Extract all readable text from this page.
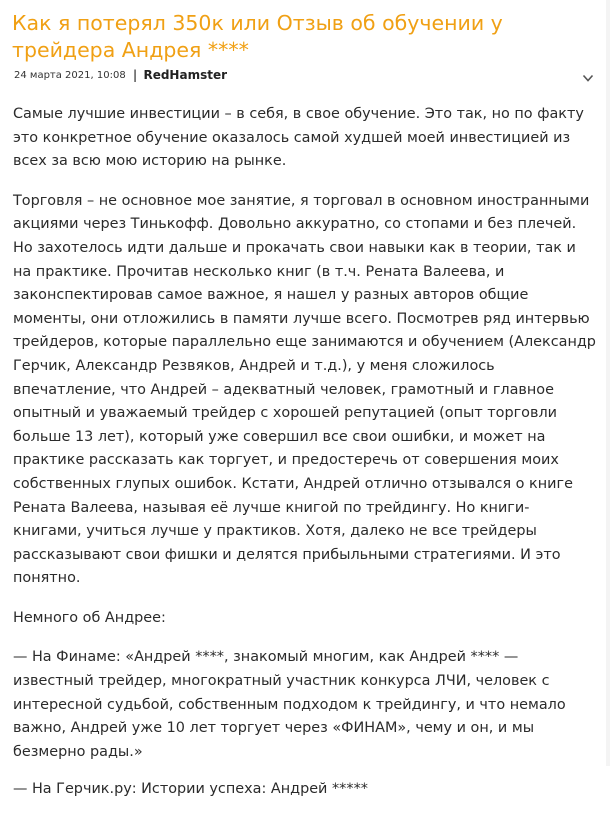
Как я потерял 350к или Отзыв об обучении у трейдера Андрея ****
24 марта 2021, 10:08 | RedHamster

Самые лучшие инвестиции – в себя, в свое обучение. Это так, но по факту это конкретное обучение оказалось самой худшей моей инвестицией из всех за всю мою историю на рынке.

Торговля – не основное мое занятие, я торговал в основном иностранными акциями через Тинькофф. Довольно аккуратно, со стопами и без плечей. Но захотелось идти дальше и прокачать свои навыки как в теории, так и на практике. Прочитав несколько книг (в т.ч. Рената Валеева, и законспектировав самое важное, я нашел у разных авторов общие моменты, они отложились в памяти лучше всего. Посмотрев ряд интервью трейдеров, которые параллельно еще занимаются и обучением (Александр Герчик, Александр Резвяков, Андрей и т.д.), у меня сложилось впечатление, что Андрей – адекватный человек, грамотный и главное опытный и уважаемый трейдер с хорошей репутацией (опыт торговли больше 13 лет), который уже совершил все свои ошибки, и может на практике рассказать как торгует, и предостеречь от совершения моих собственных глупых ошибок. Кстати, Андрей отлично отзывался о книге Рената Валеева, называя её лучше книгой по трейдингу. Но книги-книгами, учиться лучше у практиков. Хотя, далеко не все трейдеры рассказывают свои фишки и делятся прибыльными стратегиями. И это понятно.

Немного об Андрее:

— На Финаме: «Андрей ****, знакомый многим, как Андрей **** — известный трейдер, многократный участник конкурса ЛЧИ, человек с интересной судьбой, собственным подходом к трейдингу, и что немало важно, Андрей уже 10 лет торгует через «ФИНАМ», чему и он, и мы безмерно рады.»

— На Герчик.ру: Истории успеха: Андрей *****
